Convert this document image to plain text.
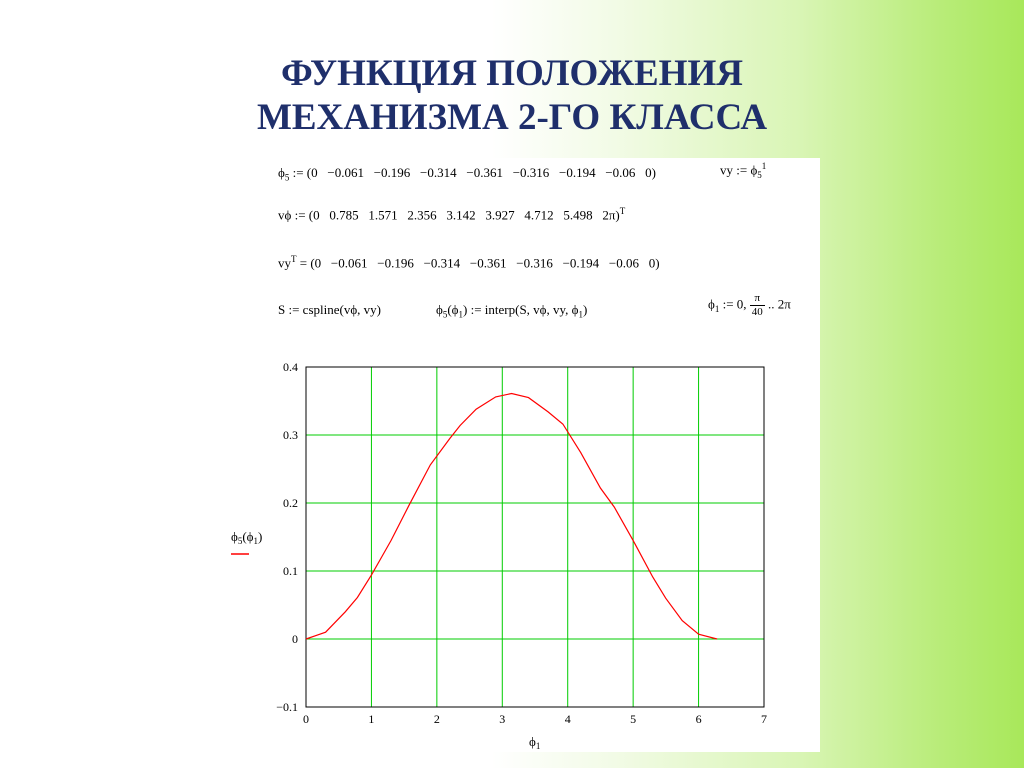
ФУНКЦИЯ ПОЛОЖЕНИЯ
МЕХАНИЗМА 2-ГО КЛАССА
$\phi_5$ := (0   −0.061   −0.196   −0.314   −0.361   −0.316   −0.194   −0.06   0)	vy := $\phi_5^1$
vϕ := (0   0.785   1.571   2.356   3.142   3.927   4.712   5.498   2π)$^T$
$vy^T = (0 -0.061 -0.196 -0.314 -0.361 -0.316 -0.194 -0.06$   0)
S := cspline(vϕ, vy)	$\phi_5(\phi_1)$ := interp(S, vϕ, vy, $\phi_1$)	$\phi_1$ := 0, $\frac{\pi}{40}$ .. 2π
−0.1
0
0.1
0.2
0.3
0.4
0	1	2	3	4	5	6	7
$\phi_5(\phi_1)$
$\phi_1$
